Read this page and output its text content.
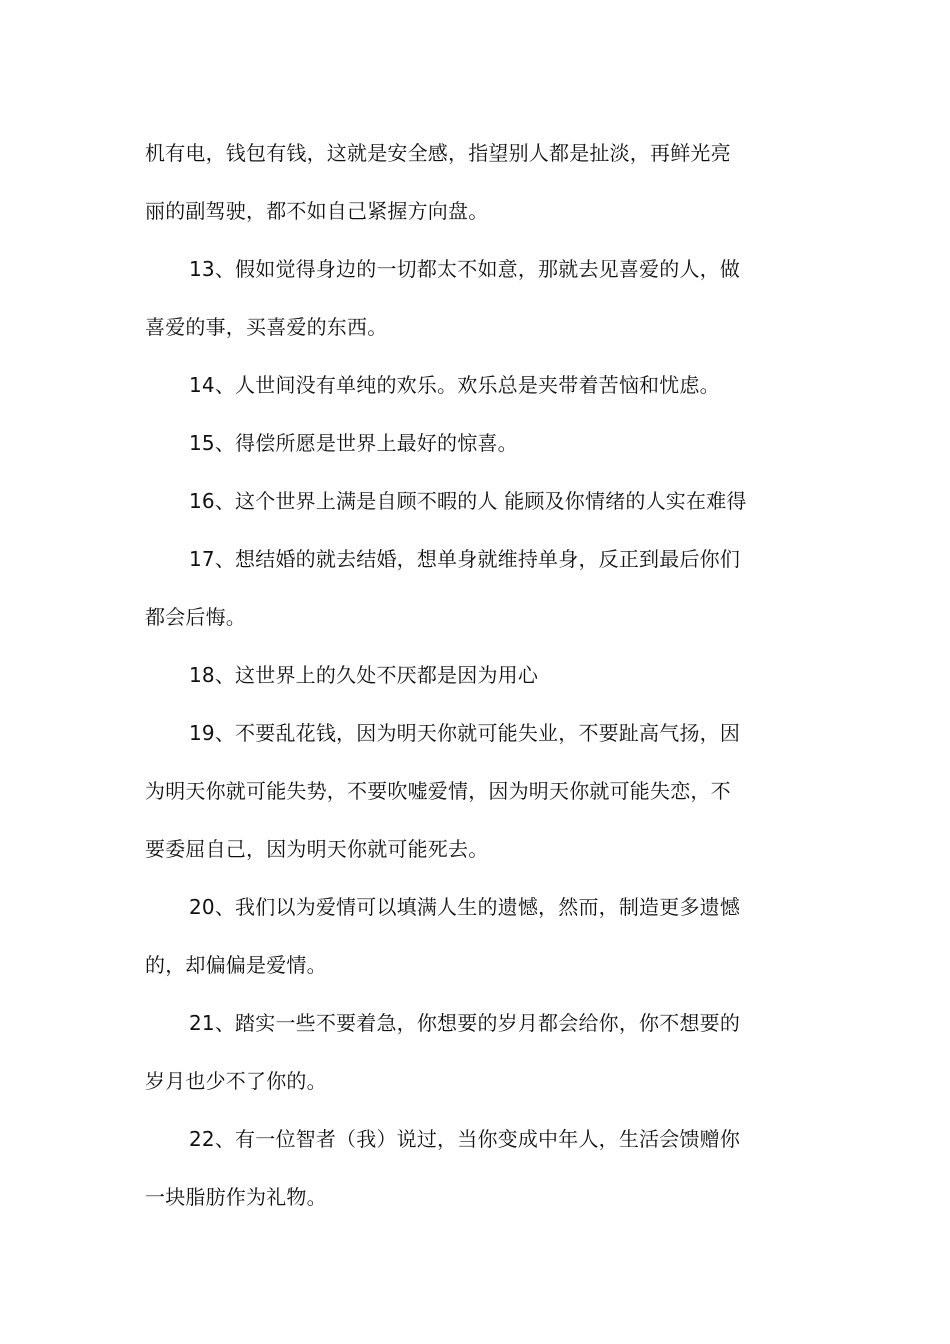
机有电，钱包有钱，这就是安全感，指望别人都是扯淡，再鲜光亮
丽的副驾驶，都不如自己紧握方向盘。

13、假如觉得身边的一切都太不如意，那就去见喜爱的人，做
喜爱的事，买喜爱的东西。

14、人世间没有单纯的欢乐。欢乐总是夹带着苦恼和忧虑。

15、得偿所愿是世界上最好的惊喜。

16、这个世界上满是自顾不暇的人 能顾及你情绪的人实在难得

17、想结婚的就去结婚，想单身就维持单身，反正到最后你们
都会后悔。

18、这世界上的久处不厌都是因为用心

19、不要乱花钱，因为明天你就可能失业，不要趾高气扬，因
为明天你就可能失势，不要吹嘘爱情，因为明天你就可能失恋，不
要委屈自己，因为明天你就可能死去。

20、我们以为爱情可以填满人生的遗憾，然而，制造更多遗憾
的，却偏偏是爱情。

21、踏实一些不要着急，你想要的岁月都会给你，你不想要的
岁月也少不了你的。

22、有一位智者（我）说过，当你变成中年人，生活会馈赠你
一块脂肪作为礼物。
